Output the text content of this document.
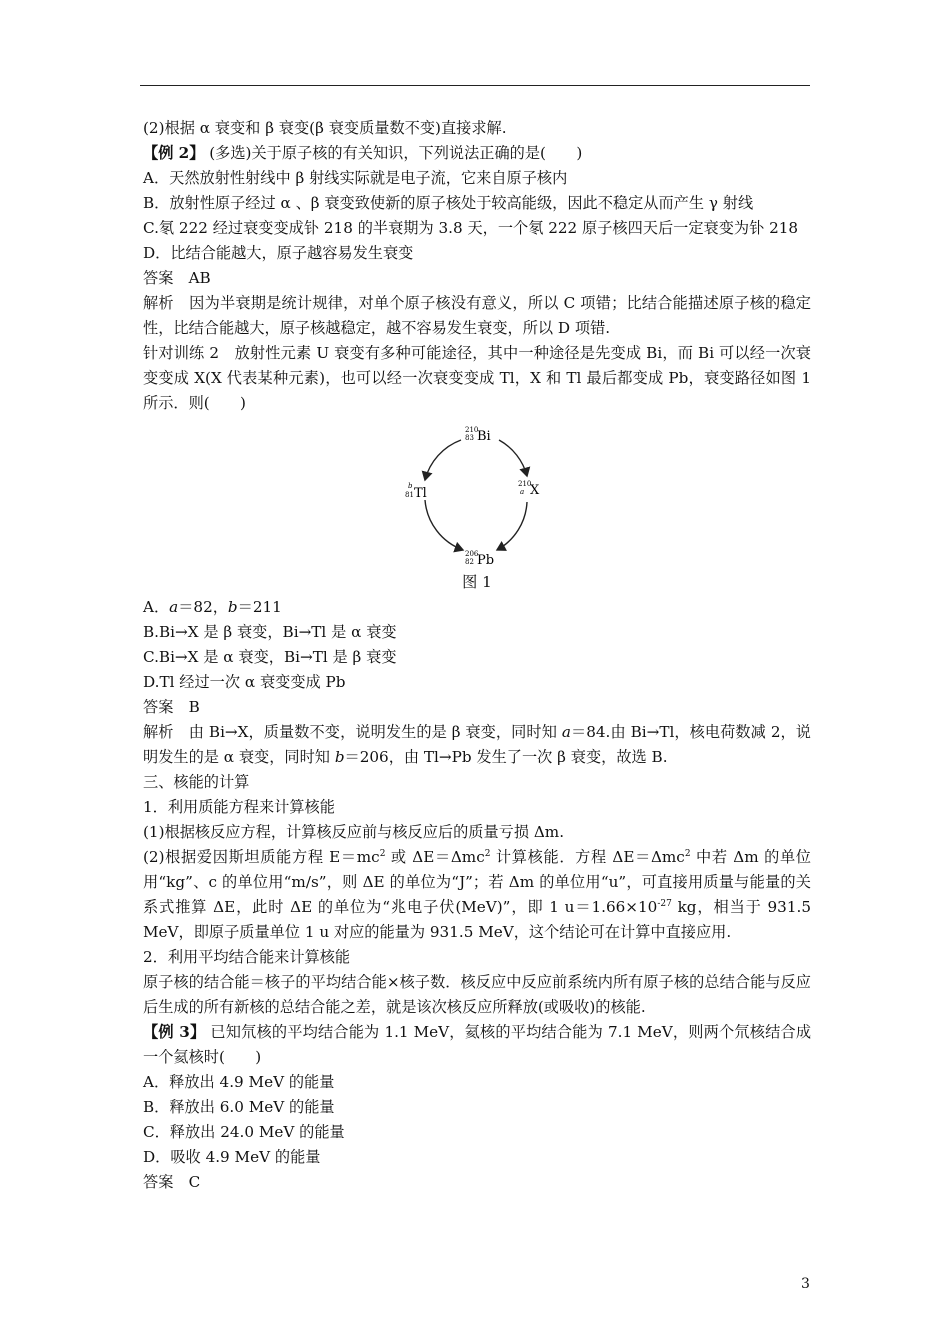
(2)根据 α 衰变和 β 衰变(β 衰变质量数不变)直接求解.

【例 2】 (多选)关于原子核的有关知识，下列说法正确的是(　　)

A．天然放射性射线中 β 射线实际就是电子流，它来自原子核内

B．放射性原子经过 α 、β 衰变致使新的原子核处于较高能级，因此不稳定从而产生 γ 射线

C.氡 222 经过衰变变成钋 218 的半衰期为 3.8 天，一个氡 222 原子核四天后一定衰变为钋 218

D．比结合能越大，原子越容易发生衰变

答案　AB

解析　因为半衰期是统计规律，对单个原子核没有意义，所以 C 项错；比结合能描述原子核的稳定性，比结合能越大，原子核越稳定，越不容易发生衰变，所以 D 项错.

针对训练 2　放射性元素 U 衰变有多种可能途径，其中一种途径是先变成 Bi，而 Bi 可以经一次衰变变成 X(X 代表某种元素)，也可以经一次衰变变成 Tl，X 和 Tl 最后都变成 Pb，衰变路径如图 1 所示．则(　　)

210
83 Bi
210
a X
b
81 Tl
206
82 Pb

图 1

A．a＝82，b＝211

B.Bi→X 是 β 衰变，Bi→Tl 是 α 衰变

C.Bi→X 是 α 衰变，Bi→Tl 是 β 衰变

D.Tl 经过一次 α 衰变变成 Pb

答案　B

解析　由 Bi→X，质量数不变，说明发生的是 β 衰变，同时知 a＝84.由 Bi→Tl，核电荷数减 2，说明发生的是 α 衰变，同时知 b＝206，由 Tl→Pb 发生了一次 β 衰变，故选 B.

三、核能的计算

1．利用质能方程来计算核能

(1)根据核反应方程，计算核反应前与核反应后的质量亏损 Δm.

(2)根据爱因斯坦质能方程 $E=mc^2$ 或 ΔE＝Δmc$^2$ 计算核能．方程 ΔE＝Δmc$^2$ 中若 Δm 的单位用“kg”、c 的单位用“m/s”，则 ΔE 的单位为“J”；若 Δm 的单位用“u”，可直接用质量与能量的关系式推算 ΔE，此时 ΔE 的单位为“兆电子伏(MeV)”，即 1 $u=1.66\times 10^{-27}$ kg，相当于 931.5 MeV，即原子质量单位 1 u 对应的能量为 931.5 MeV，这个结论可在计算中直接应用.

2．利用平均结合能来计算核能

原子核的结合能＝核子的平均结合能×核子数．核反应中反应前系统内所有原子核的总结合能与反应后生成的所有新核的总结合能之差，就是该次核反应所释放(或吸收)的核能.

【例 3】 已知氘核的平均结合能为 1.1 MeV，氦核的平均结合能为 7.1 MeV，则两个氘核结合成一个氦核时(　　)

A．释放出 4.9 MeV 的能量

B．释放出 6.0 MeV 的能量

C．释放出 24.0 MeV 的能量

D．吸收 4.9 MeV 的能量

答案　C

3
